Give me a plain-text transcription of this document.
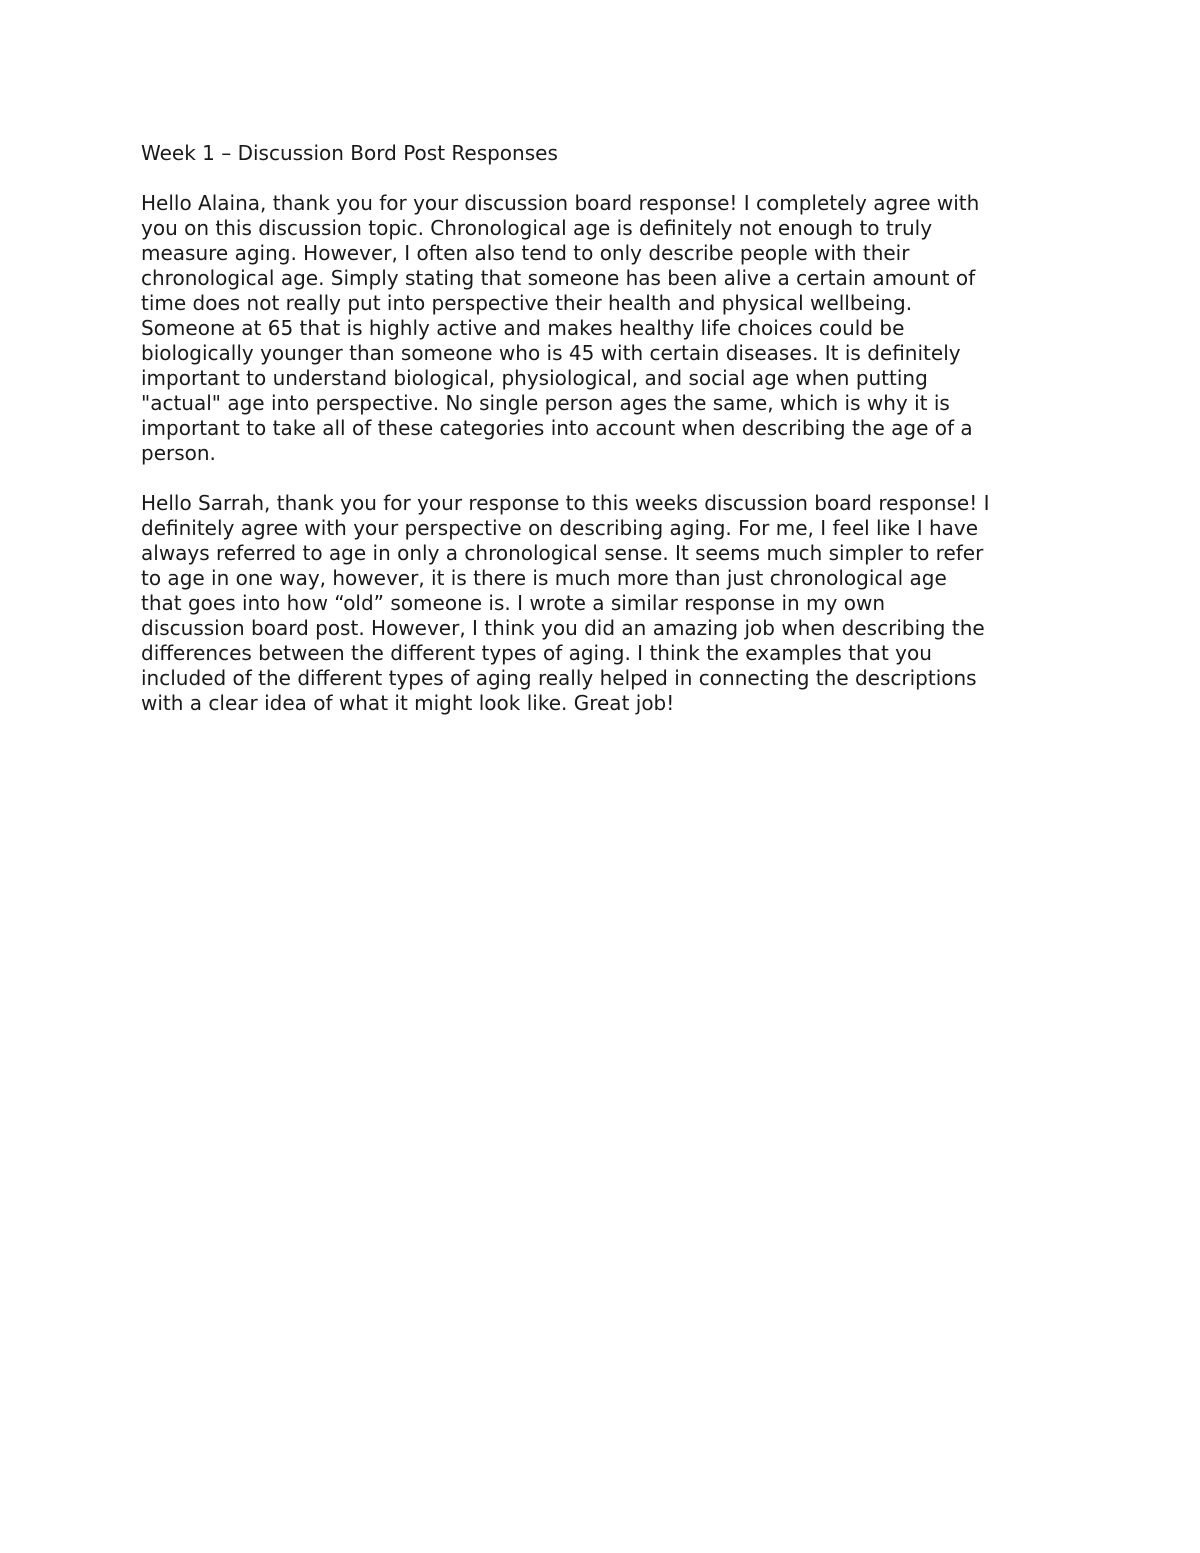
Week 1 – Discussion Bord Post Responses

Hello Alaina, thank you for your discussion board response! I completely agree with
you on this discussion topic. Chronological age is definitely not enough to truly
measure aging. However, I often also tend to only describe people with their
chronological age. Simply stating that someone has been alive a certain amount of
time does not really put into perspective their health and physical wellbeing.
Someone at 65 that is highly active and makes healthy life choices could be
biologically younger than someone who is 45 with certain diseases. It is definitely
important to understand biological, physiological, and social age when putting
"actual" age into perspective. No single person ages the same, which is why it is
important to take all of these categories into account when describing the age of a
person.

Hello Sarrah, thank you for your response to this weeks discussion board response! I
definitely agree with your perspective on describing aging. For me, I feel like I have
always referred to age in only a chronological sense. It seems much simpler to refer
to age in one way, however, it is there is much more than just chronological age
that goes into how “old” someone is. I wrote a similar response in my own
discussion board post. However, I think you did an amazing job when describing the
differences between the different types of aging. I think the examples that you
included of the different types of aging really helped in connecting the descriptions
with a clear idea of what it might look like. Great job!
